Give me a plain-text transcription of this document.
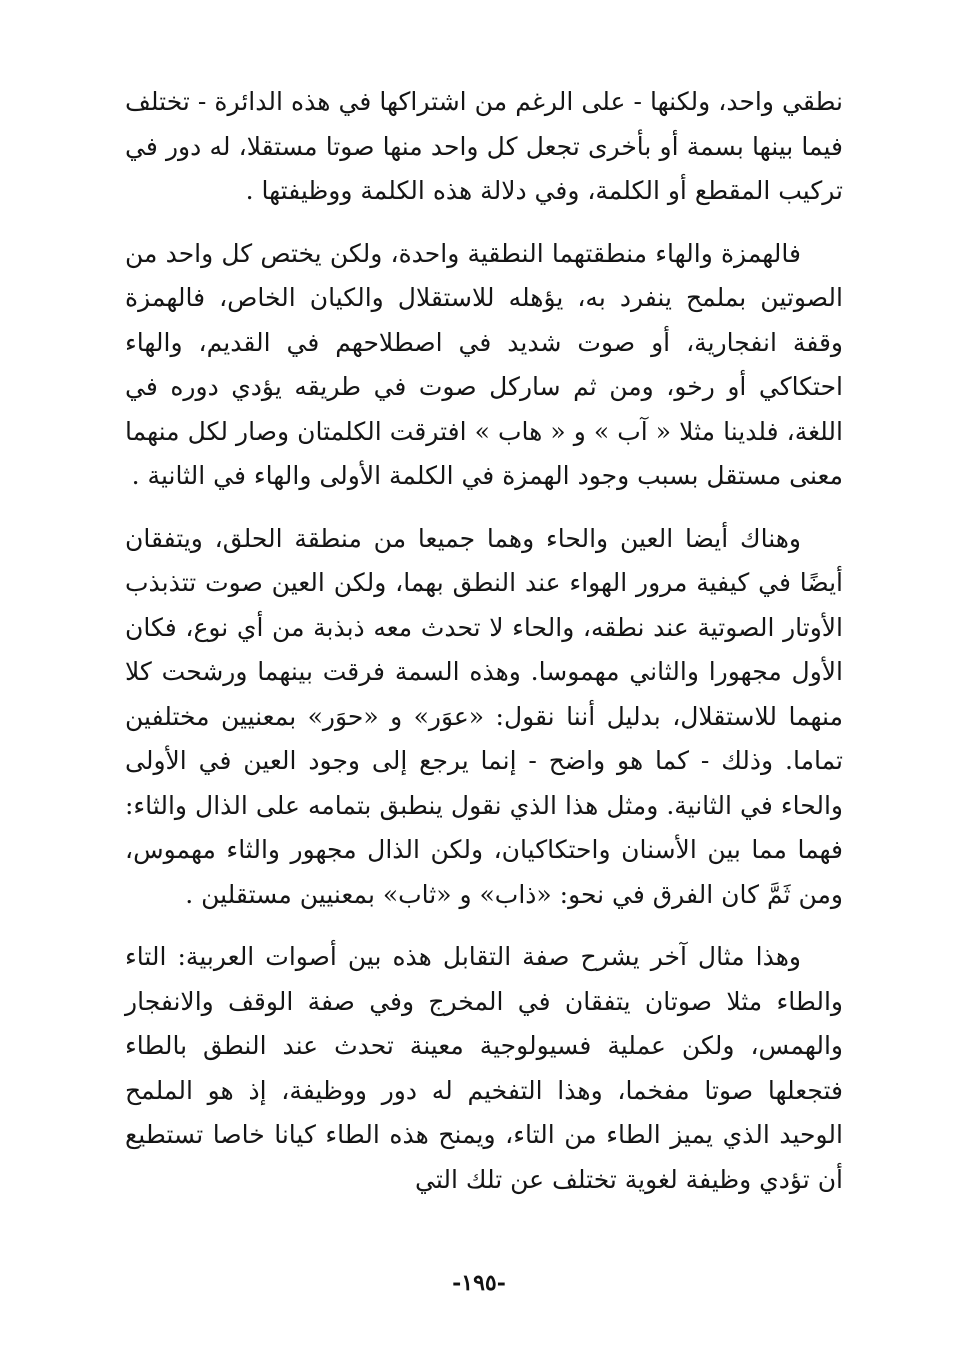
نطقي واحد، ولكنها - على الرغم من اشتراكها في هذه الدائرة - تختلف فيما بينها بسمة أو بأخرى تجعل كل واحد منها صوتا مستقلا، له دور في تركيب المقطع أو الكلمة، وفي دلالة هذه الكلمة ووظيفتها .

فالهمزة والهاء منطقتهما النطقية واحدة، ولكن يختص كل واحد من الصوتين بملمح ينفرد به، يؤهله للاستقلال والكيان الخاص، فالهمزة وقفة انفجارية، أو صوت شديد في اصطلاحهم في القديم، والهاء احتكاكي أو رخو، ومن ثم ساركل صوت في طريقه يؤدي دوره في اللغة، فلدينا مثلا « آب » و « هاب » افترقت الكلمتان وصار لكل منهما معنى مستقل بسبب وجود الهمزة في الكلمة الأولى والهاء في الثانية .

وهناك أيضا العين والحاء وهما جميعا من منطقة الحلق، ويتفقان أيضًا في كيفية مرور الهواء عند النطق بهما، ولكن العين صوت تتذبذب الأوتار الصوتية عند نطقه، والحاء لا تحدث معه ذبذبة من أي نوع، فكان الأول مجهورا والثاني مهموسا. وهذه السمة فرقت بينهما ورشحت كلا منهما للاستقلال، بدليل أننا نقول: «عوَر» و «حوَر» بمعنيين مختلفين تماما. وذلك - كما هو واضح - إنما يرجع إلى وجود العين في الأولى والحاء في الثانية. ومثل هذا الذي نقول ينطبق بتمامه على الذال والثاء: فهما مما بين الأسنان واحتكاكيان، ولكن الذال مجهور والثاء مهموس، ومن ثَمَّ كان الفرق في نحو: «ذاب» و «ثاب» بمعنيين مستقلين .

وهذا مثال آخر يشرح صفة التقابل هذه بين أصوات العربية: التاء والطاء مثلا صوتان يتفقان في المخرج وفي صفة الوقف والانفجار والهمس، ولكن عملية فسيولوجية معينة تحدث عند النطق بالطاء فتجعلها صوتا مفخما، وهذا التفخيم له دور ووظيفة، إذ هو الملمح الوحيد الذي يميز الطاء من التاء، ويمنح هذه الطاء كيانا خاصا تستطيع أن تؤدي وظيفة لغوية تختلف عن تلك التي

-١٩٥-
